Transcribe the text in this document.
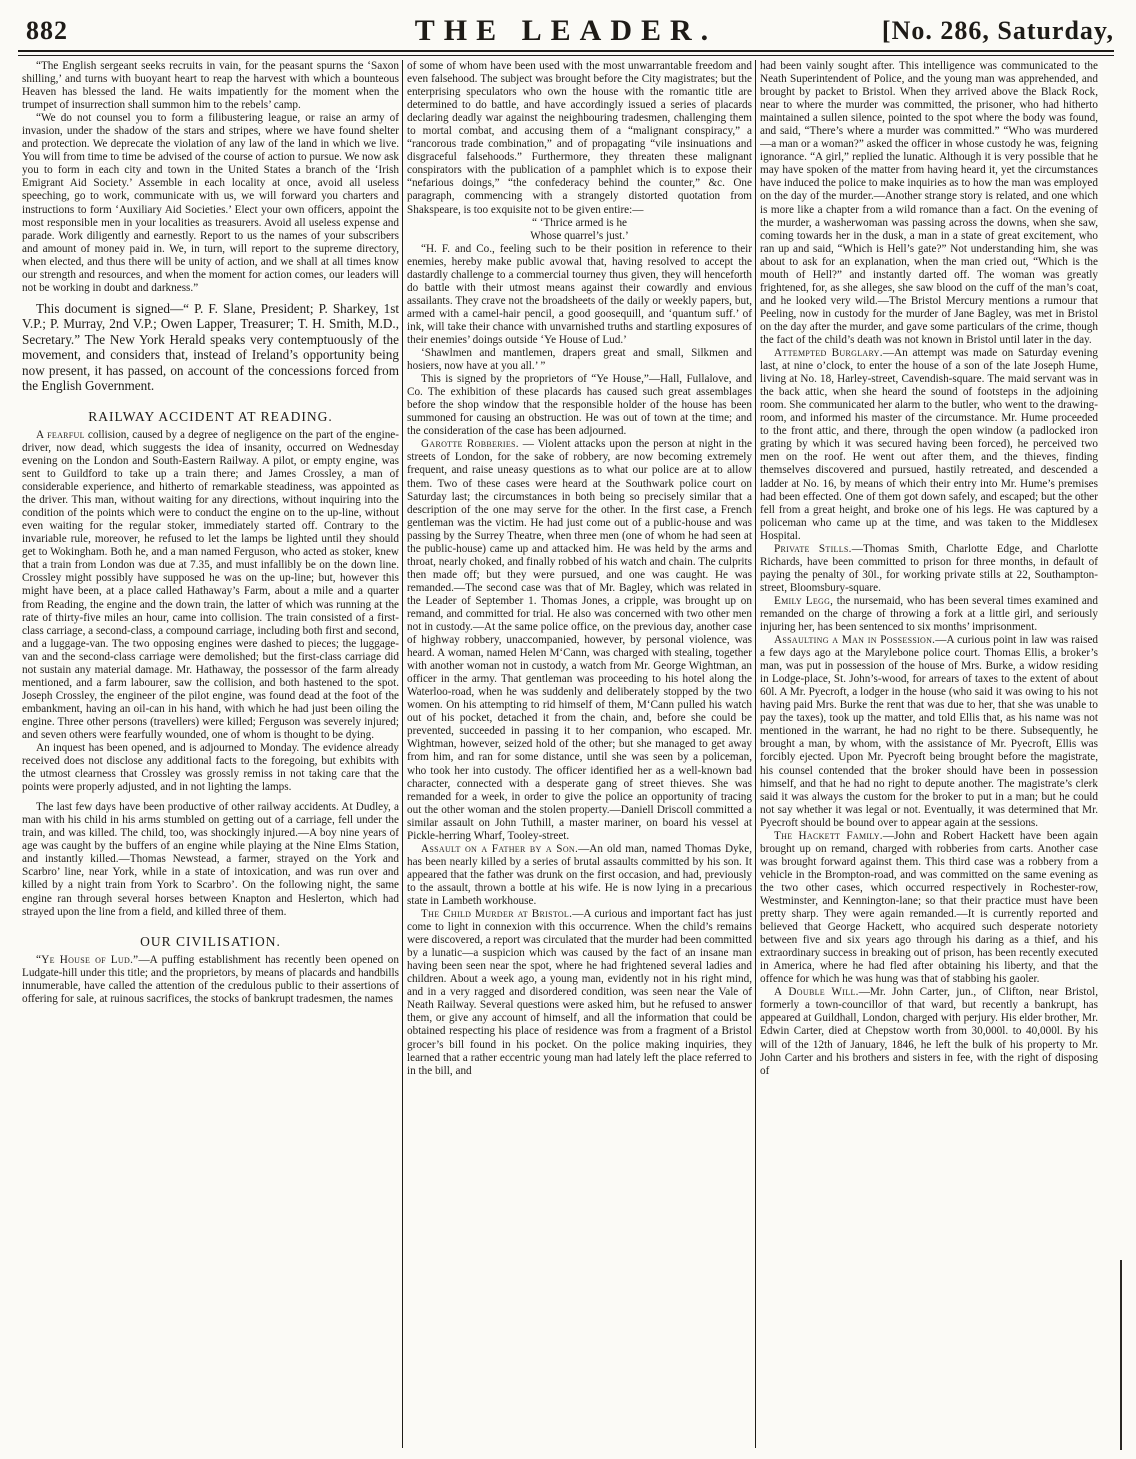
882	THE LEADER.	[No. 286, Saturday,

“The English sergeant seeks recruits in vain, for the peasant spurns the ‘Saxon shilling,’ and turns with buoyant heart to reap the harvest with which a bounteous Heaven has blessed the land. He waits impatiently for the moment when the trumpet of insurrection shall summon him to the rebels’ camp.

“We do not counsel you to form a filibustering league, or raise an army of invasion, under the shadow of the stars and stripes, where we have found shelter and protection. We deprecate the violation of any law of the land in which we live. You will from time to time be advised of the course of action to pursue. We now ask you to form in each city and town in the United States a branch of the ‘Irish Emigrant Aid Society.’ Assemble in each locality at once, avoid all useless speeching, go to work, communicate with us, we will forward you charters and instructions to form ‘Auxiliary Aid Societies.’ Elect your own officers, appoint the most responsible men in your localities as treasurers. Avoid all useless expense and parade. Work diligently and earnestly. Report to us the names of your subscribers and amount of money paid in. We, in turn, will report to the supreme directory, when elected, and thus there will be unity of action, and we shall at all times know our strength and resources, and when the moment for action comes, our leaders will not be working in doubt and darkness.”

This document is signed—“ P. F. Slane, President; P. Sharkey, 1st V.P.; P. Murray, 2nd V.P.; Owen Lapper, Treasurer; T. H. Smith, M.D., Secretary.” The New York Herald speaks very contemptuously of the movement, and considers that, instead of Ireland’s opportunity being now present, it has passed, on account of the concessions forced from the English Government.

RAILWAY ACCIDENT AT READING.

A fearful collision, caused by a degree of negligence on the part of the engine-driver, now dead, which suggests the idea of insanity, occurred on Wednesday evening on the London and South-Eastern Railway. A pilot, or empty engine, was sent to Guildford to take up a train there; and James Crossley, a man of considerable experience, and hitherto of remarkable steadiness, was appointed as the driver. This man, without waiting for any directions, without inquiring into the condition of the points which were to conduct the engine on to the up-line, without even waiting for the regular stoker, immediately started off. Contrary to the invariable rule, moreover, he refused to let the lamps be lighted until they should get to Wokingham. Both he, and a man named Ferguson, who acted as stoker, knew that a train from London was due at 7.35, and must infallibly be on the down line. Crossley might possibly have supposed he was on the up-line; but, however this might have been, at a place called Hathaway’s Farm, about a mile and a quarter from Reading, the engine and the down train, the latter of which was running at the rate of thirty-five miles an hour, came into collision. The train consisted of a first-class carriage, a second-class, a compound carriage, including both first and second, and a luggage-van. The two opposing engines were dashed to pieces; the luggage-van and the second-class carriage were demolished; but the first-class carriage did not sustain any material damage. Mr. Hathaway, the possessor of the farm already mentioned, and a farm labourer, saw the collision, and both hastened to the spot. Joseph Crossley, the engineer of the pilot engine, was found dead at the foot of the embankment, having an oil-can in his hand, with which he had just been oiling the engine. Three other persons (travellers) were killed; Ferguson was severely injured; and seven others were fearfully wounded, one of whom is thought to be dying.

An inquest has been opened, and is adjourned to Monday. The evidence already received does not disclose any additional facts to the foregoing, but exhibits with the utmost clearness that Crossley was grossly remiss in not taking care that the points were properly adjusted, and in not lighting the lamps.

The last few days have been productive of other railway accidents. At Dudley, a man with his child in his arms stumbled on getting out of a carriage, fell under the train, and was killed. The child, too, was shockingly injured.—A boy nine years of age was caught by the buffers of an engine while playing at the Nine Elms Station, and instantly killed.—Thomas Newstead, a farmer, strayed on the York and Scarbro’ line, near York, while in a state of intoxication, and was run over and killed by a night train from York to Scarbro’. On the following night, the same engine ran through several horses between Knapton and Heslerton, which had strayed upon the line from a field, and killed three of them.

OUR CIVILISATION.

“Ye House of Lud.”—A puffing establishment has recently been opened on Ludgate-hill under this title; and the proprietors, by means of placards and handbills innumerable, have called the attention of the credulous public to their assertions of offering for sale, at ruinous sacrifices, the stocks of bankrupt tradesmen, the names

of some of whom have been used with the most unwarrantable freedom and even falsehood. The subject was brought before the City magistrates; but the enterprising speculators who own the house with the romantic title are determined to do battle, and have accordingly issued a series of placards declaring deadly war against the neighbouring tradesmen, challenging them to mortal combat, and accusing them of a “malignant conspiracy,” a “rancorous trade combination,” and of propagating “vile insinuations and disgraceful falsehoods.” Furthermore, they threaten these malignant conspirators with the publication of a pamphlet which is to expose their “nefarious doings,” “the confederacy behind the counter,” &c. One paragraph, commencing with a strangely distorted quotation from Shakspeare, is too exquisite not to be given entire:—

“ ‘Thrice armed is he

Whose quarrel’s just.’

“H. F. and Co., feeling such to be their position in reference to their enemies, hereby make public avowal that, having resolved to accept the dastardly challenge to a commercial tourney thus given, they will henceforth do battle with their utmost means against their cowardly and envious assailants. They crave not the broadsheets of the daily or weekly papers, but, armed with a camel-hair pencil, a good goosequill, and ‘quantum suff.’ of ink, will take their chance with unvarnished truths and startling exposures of their enemies’ doings outside ‘Ye House of Lud.’

‘Shawlmen and mantlemen, drapers great and small, Silkmen and hosiers, now have at you all.’ ”

This is signed by the proprietors of “Ye House,”—Hall, Fullalove, and Co. The exhibition of these placards has caused such great assemblages before the shop window that the responsible holder of the house has been summoned for causing an obstruction. He was out of town at the time; and the consideration of the case has been adjourned.

Garotte Robberies. — Violent attacks upon the person at night in the streets of London, for the sake of robbery, are now becoming extremely frequent, and raise uneasy questions as to what our police are at to allow them. Two of these cases were heard at the Southwark police court on Saturday last; the circumstances in both being so precisely similar that a description of the one may serve for the other. In the first case, a French gentleman was the victim. He had just come out of a public-house and was passing by the Surrey Theatre, when three men (one of whom he had seen at the public-house) came up and attacked him. He was held by the arms and throat, nearly choked, and finally robbed of his watch and chain. The culprits then made off; but they were pursued, and one was caught. He was remanded.—The second case was that of Mr. Bagley, which was related in the Leader of September 1. Thomas Jones, a cripple, was brought up on remand, and committed for trial. He also was concerned with two other men not in custody.—At the same police office, on the previous day, another case of highway robbery, unaccompanied, however, by personal violence, was heard. A woman, named Helen M‘Cann, was charged with stealing, together with another woman not in custody, a watch from Mr. George Wightman, an officer in the army. That gentleman was proceeding to his hotel along the Waterloo-road, when he was suddenly and deliberately stopped by the two women. On his attempting to rid himself of them, M‘Cann pulled his watch out of his pocket, detached it from the chain, and, before she could be prevented, succeeded in passing it to her companion, who escaped. Mr. Wightman, however, seized hold of the other; but she managed to get away from him, and ran for some distance, until she was seen by a policeman, who took her into custody. The officer identified her as a well-known bad character, connected with a desperate gang of street thieves. She was remanded for a week, in order to give the police an opportunity of tracing out the other woman and the stolen property.—Daniell Driscoll committed a similar assault on John Tuthill, a master mariner, on board his vessel at Pickle-herring Wharf, Tooley-street.

Assault on a Father by a Son.—An old man, named Thomas Dyke, has been nearly killed by a series of brutal assaults committed by his son. It appeared that the father was drunk on the first occasion, and had, previously to the assault, thrown a bottle at his wife. He is now lying in a precarious state in Lambeth workhouse.

The Child Murder at Bristol.—A curious and important fact has just come to light in connexion with this occurrence. When the child’s remains were discovered, a report was circulated that the murder had been committed by a lunatic—a suspicion which was caused by the fact of an insane man having been seen near the spot, where he had frightened several ladies and children. About a week ago, a young man, evidently not in his right mind, and in a very ragged and disordered condition, was seen near the Vale of Neath Railway. Several questions were asked him, but he refused to answer them, or give any account of himself, and all the information that could be obtained respecting his place of residence was from a fragment of a Bristol grocer’s bill found in his pocket. On the police making inquiries, they learned that a rather eccentric young man had lately left the place referred to in the bill, and

had been vainly sought after. This intelligence was communicated to the Neath Superintendent of Police, and the young man was apprehended, and brought by packet to Bristol. When they arrived above the Black Rock, near to where the murder was committed, the prisoner, who had hitherto maintained a sullen silence, pointed to the spot where the body was found, and said, “There’s where a murder was committed.” “Who was murdered—a man or a woman?” asked the officer in whose custody he was, feigning ignorance. “A girl,” replied the lunatic. Although it is very possible that he may have spoken of the matter from having heard it, yet the circumstances have induced the police to make inquiries as to how the man was employed on the day of the murder.—Another strange story is related, and one which is more like a chapter from a wild romance than a fact. On the evening of the murder, a washerwoman was passing across the downs, when she saw, coming towards her in the dusk, a man in a state of great excitement, who ran up and said, “Which is Hell’s gate?” Not understanding him, she was about to ask for an explanation, when the man cried out, “Which is the mouth of Hell?” and instantly darted off. The woman was greatly frightened, for, as she alleges, she saw blood on the cuff of the man’s coat, and he looked very wild.—The Bristol Mercury mentions a rumour that Peeling, now in custody for the murder of Jane Bagley, was met in Bristol on the day after the murder, and gave some particulars of the crime, though the fact of the child’s death was not known in Bristol until later in the day.

Attempted Burglary.—An attempt was made on Saturday evening last, at nine o’clock, to enter the house of a son of the late Joseph Hume, living at No. 18, Harley-street, Cavendish-square. The maid servant was in the back attic, when she heard the sound of footsteps in the adjoining room. She communicated her alarm to the butler, who went to the drawing-room, and informed his master of the circumstance. Mr. Hume proceeded to the front attic, and there, through the open window (a padlocked iron grating by which it was secured having been forced), he perceived two men on the roof. He went out after them, and the thieves, finding themselves discovered and pursued, hastily retreated, and descended a ladder at No. 16, by means of which their entry into Mr. Hume’s premises had been effected. One of them got down safely, and escaped; but the other fell from a great height, and broke one of his legs. He was captured by a policeman who came up at the time, and was taken to the Middlesex Hospital.

Private Stills.—Thomas Smith, Charlotte Edge, and Charlotte Richards, have been committed to prison for three months, in default of paying the penalty of 30l., for working private stills at 22, Southampton-street, Bloomsbury-square.

Emily Legg, the nursemaid, who has been several times examined and remanded on the charge of throwing a fork at a little girl, and seriously injuring her, has been sentenced to six months’ imprisonment.

Assaulting a Man in Possession.—A curious point in law was raised a few days ago at the Marylebone police court. Thomas Ellis, a broker’s man, was put in possession of the house of Mrs. Burke, a widow residing in Lodge-place, St. John’s-wood, for arrears of taxes to the extent of about 60l. A Mr. Pyecroft, a lodger in the house (who said it was owing to his not having paid Mrs. Burke the rent that was due to her, that she was unable to pay the taxes), took up the matter, and told Ellis that, as his name was not mentioned in the warrant, he had no right to be there. Subsequently, he brought a man, by whom, with the assistance of Mr. Pyecroft, Ellis was forcibly ejected. Upon Mr. Pyecroft being brought before the magistrate, his counsel contended that the broker should have been in possession himself, and that he had no right to depute another. The magistrate’s clerk said it was always the custom for the broker to put in a man; but he could not say whether it was legal or not. Eventually, it was determined that Mr. Pyecroft should be bound over to appear again at the sessions.

The Hackett Family.—John and Robert Hackett have been again brought up on remand, charged with robberies from carts. Another case was brought forward against them. This third case was a robbery from a vehicle in the Brompton-road, and was committed on the same evening as the two other cases, which occurred respectively in Rochester-row, Westminster, and Kennington-lane; so that their practice must have been pretty sharp. They were again remanded.—It is currently reported and believed that George Hackett, who acquired such desperate notoriety between five and six years ago through his daring as a thief, and his extraordinary success in breaking out of prison, has been recently executed in America, where he had fled after obtaining his liberty, and that the offence for which he was hung was that of stabbing his gaoler.

A Double Will.—Mr. John Carter, jun., of Clifton, near Bristol, formerly a town-councillor of that ward, but recently a bankrupt, has appeared at Guildhall, London, charged with perjury. His elder brother, Mr. Edwin Carter, died at Chepstow worth from 30,000l. to 40,000l. By his will of the 12th of January, 1846, he left the bulk of his property to Mr. John Carter and his brothers and sisters in fee, with the right of disposing of
